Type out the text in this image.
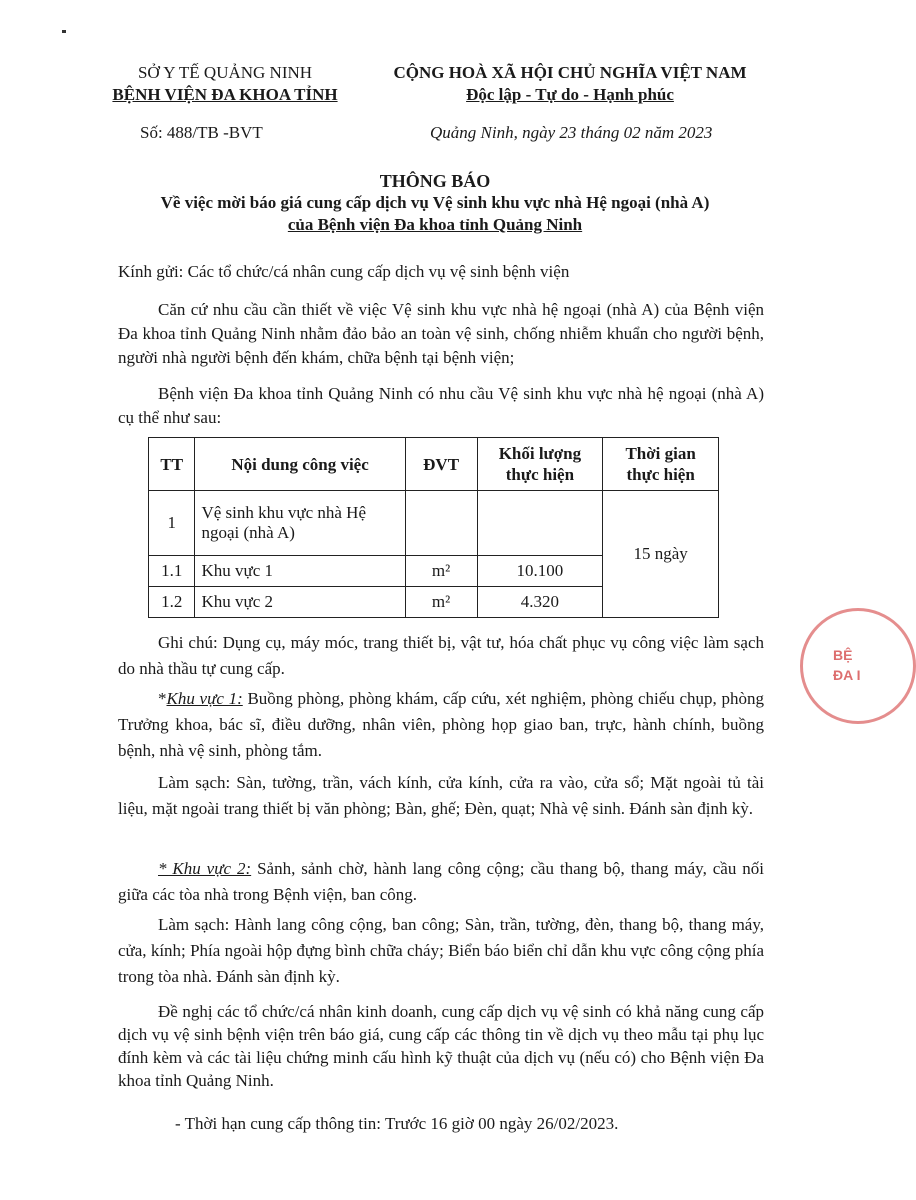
SỞ Y TẾ QUẢNG NINH
BỆNH VIỆN ĐA KHOA TỈNH
CỘNG HOÀ XÃ HỘI CHỦ NGHĨA VIỆT NAM
Độc lập - Tự do - Hạnh phúc
Số: 488/TB -BVT	Quảng Ninh, ngày 23 tháng 02 năm 2023
THÔNG BÁO
Về việc mời báo giá cung cấp dịch vụ Vệ sinh khu vực nhà Hệ ngoại (nhà A)
của Bệnh viện Đa khoa tỉnh Quảng Ninh
Kính gửi: Các tổ chức/cá nhân cung cấp dịch vụ vệ sinh bệnh viện
Căn cứ nhu cầu cần thiết về việc Vệ sinh khu vực nhà hệ ngoại (nhà A) của Bệnh viện Đa khoa tỉnh Quảng Ninh nhằm đảo bảo an toàn vệ sinh, chống nhiễm khuẩn cho người bệnh, người nhà người bệnh đến khám, chữa bệnh tại bệnh viện;
Bệnh viện Đa khoa tỉnh Quảng Ninh có nhu cầu Vệ sinh khu vực nhà hệ ngoại (nhà A) cụ thể như sau:
TT	Nội dung công việc	ĐVT	Khối lượng thực hiện	Thời gian thực hiện
1	Vệ sinh khu vực nhà Hệ ngoại (nhà A)			15 ngày
1.1	Khu vực 1	m²	10.100	
1.2	Khu vực 2	m²	4.320	
Ghi chú: Dụng cụ, máy móc, trang thiết bị, vật tư, hóa chất phục vụ công việc làm sạch do nhà thầu tự cung cấp.
*Khu vực 1: Buồng phòng, phòng khám, cấp cứu, xét nghiệm, phòng chiếu chụp, phòng Trưởng khoa, bác sĩ, điều dưỡng, nhân viên, phòng họp giao ban, trực, hành chính, buồng bệnh, nhà vệ sinh, phòng tắm.
Làm sạch: Sàn, tường, trần, vách kính, cửa kính, cửa ra vào, cửa sổ; Mặt ngoài tủ tài liệu, mặt ngoài trang thiết bị văn phòng; Bàn, ghế; Đèn, quạt; Nhà vệ sinh. Đánh sàn định kỳ.
* Khu vực 2: Sảnh, sảnh chờ, hành lang công cộng; cầu thang bộ, thang máy, cầu nối giữa các tòa nhà trong Bệnh viện, ban công.
Làm sạch: Hành lang công cộng, ban công; Sàn, trần, tường, đèn, thang bộ, thang máy, cửa, kính; Phía ngoài hộp đựng bình chữa cháy; Biển báo biển chỉ dẫn khu vực công cộng phía trong tòa nhà. Đánh sàn định kỳ.
Đề nghị các tổ chức/cá nhân kinh doanh, cung cấp dịch vụ vệ sinh có khả năng cung cấp dịch vụ vệ sinh bệnh viện trên báo giá, cung cấp các thông tin về dịch vụ theo mẫu tại phụ lục đính kèm và các tài liệu chứng minh cấu hình kỹ thuật của dịch vụ (nếu có) cho Bệnh viện Đa khoa tỉnh Quảng Ninh.
- Thời hạn cung cấp thông tin: Trước 16 giờ 00 ngày 26/02/2023.
BỆ
ĐA I
